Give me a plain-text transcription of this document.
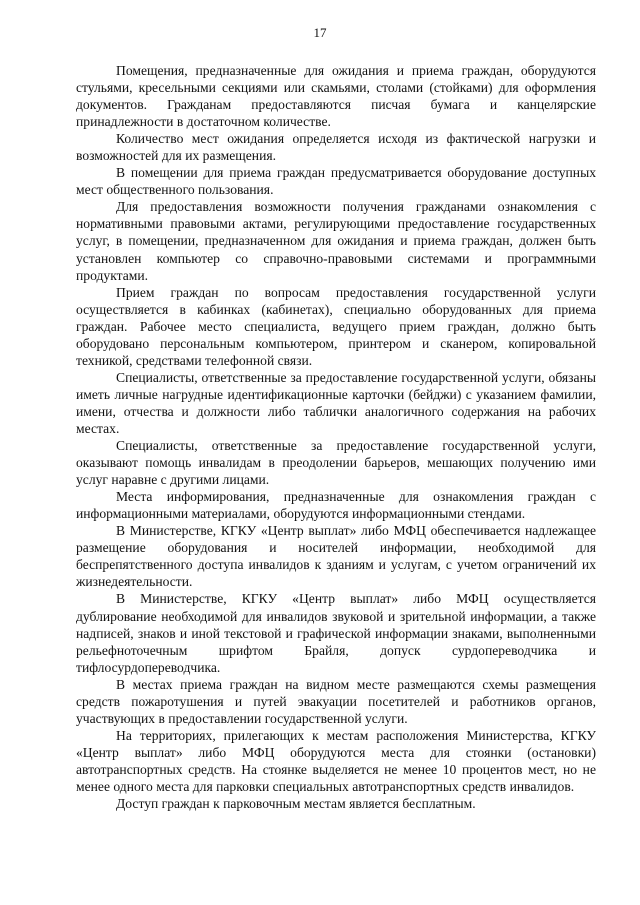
17

Помещения, предназначенные для ожидания и приема граждан, оборудуются стульями, кресельными секциями или скамьями, столами (стойками) для оформления документов. Гражданам предоставляются писчая бумага и канцелярские принадлежности в достаточном количестве.

Количество мест ожидания определяется исходя из фактической нагрузки и возможностей для их размещения.

В помещении для приема граждан предусматривается оборудование доступных мест общественного пользования.

Для предоставления возможности получения гражданами ознакомления с нормативными правовыми актами, регулирующими предоставление государственных услуг, в помещении, предназначенном для ожидания и приема граждан, должен быть установлен компьютер со справочно-правовыми системами и программными продуктами.

Прием граждан по вопросам предоставления государственной услуги осуществляется в кабинках (кабинетах), специально оборудованных для приема граждан. Рабочее место специалиста, ведущего прием граждан, должно быть оборудовано персональным компьютером, принтером и сканером, копировальной техникой, средствами телефонной связи.

Специалисты, ответственные за предоставление государственной услуги, обязаны иметь личные нагрудные идентификационные карточки (бейджи) с указанием фамилии, имени, отчества и должности либо таблички аналогичного содержания на рабочих местах.

Специалисты, ответственные за предоставление государственной услуги, оказывают помощь инвалидам в преодолении барьеров, мешающих получению ими услуг наравне с другими лицами.

Места информирования, предназначенные для ознакомления граждан с информационными материалами, оборудуются информационными стендами.

В Министерстве, КГКУ «Центр выплат» либо МФЦ обеспечивается надлежащее размещение оборудования и носителей информации, необходимой для беспрепятственного доступа инвалидов к зданиям и услугам, с учетом ограничений их жизнедеятельности.

В Министерстве, КГКУ «Центр выплат» либо МФЦ осуществляется дублирование необходимой для инвалидов звуковой и зрительной информации, а также надписей, знаков и иной текстовой и графической информации знаками, выполненными рельефноточечным шрифтом Брайля, допуск сурдопереводчика и тифлосурдопереводчика.

В местах приема граждан на видном месте размещаются схемы размещения средств пожаротушения и путей эвакуации посетителей и работников органов, участвующих в предоставлении государственной услуги.

На территориях, прилегающих к местам расположения Министерства, КГКУ «Центр выплат» либо МФЦ оборудуются места для стоянки (остановки) автотранспортных средств. На стоянке выделяется не менее 10 процентов мест, но не менее одного места для парковки специальных автотранспортных средств инвалидов.

Доступ граждан к парковочным местам является бесплатным.
